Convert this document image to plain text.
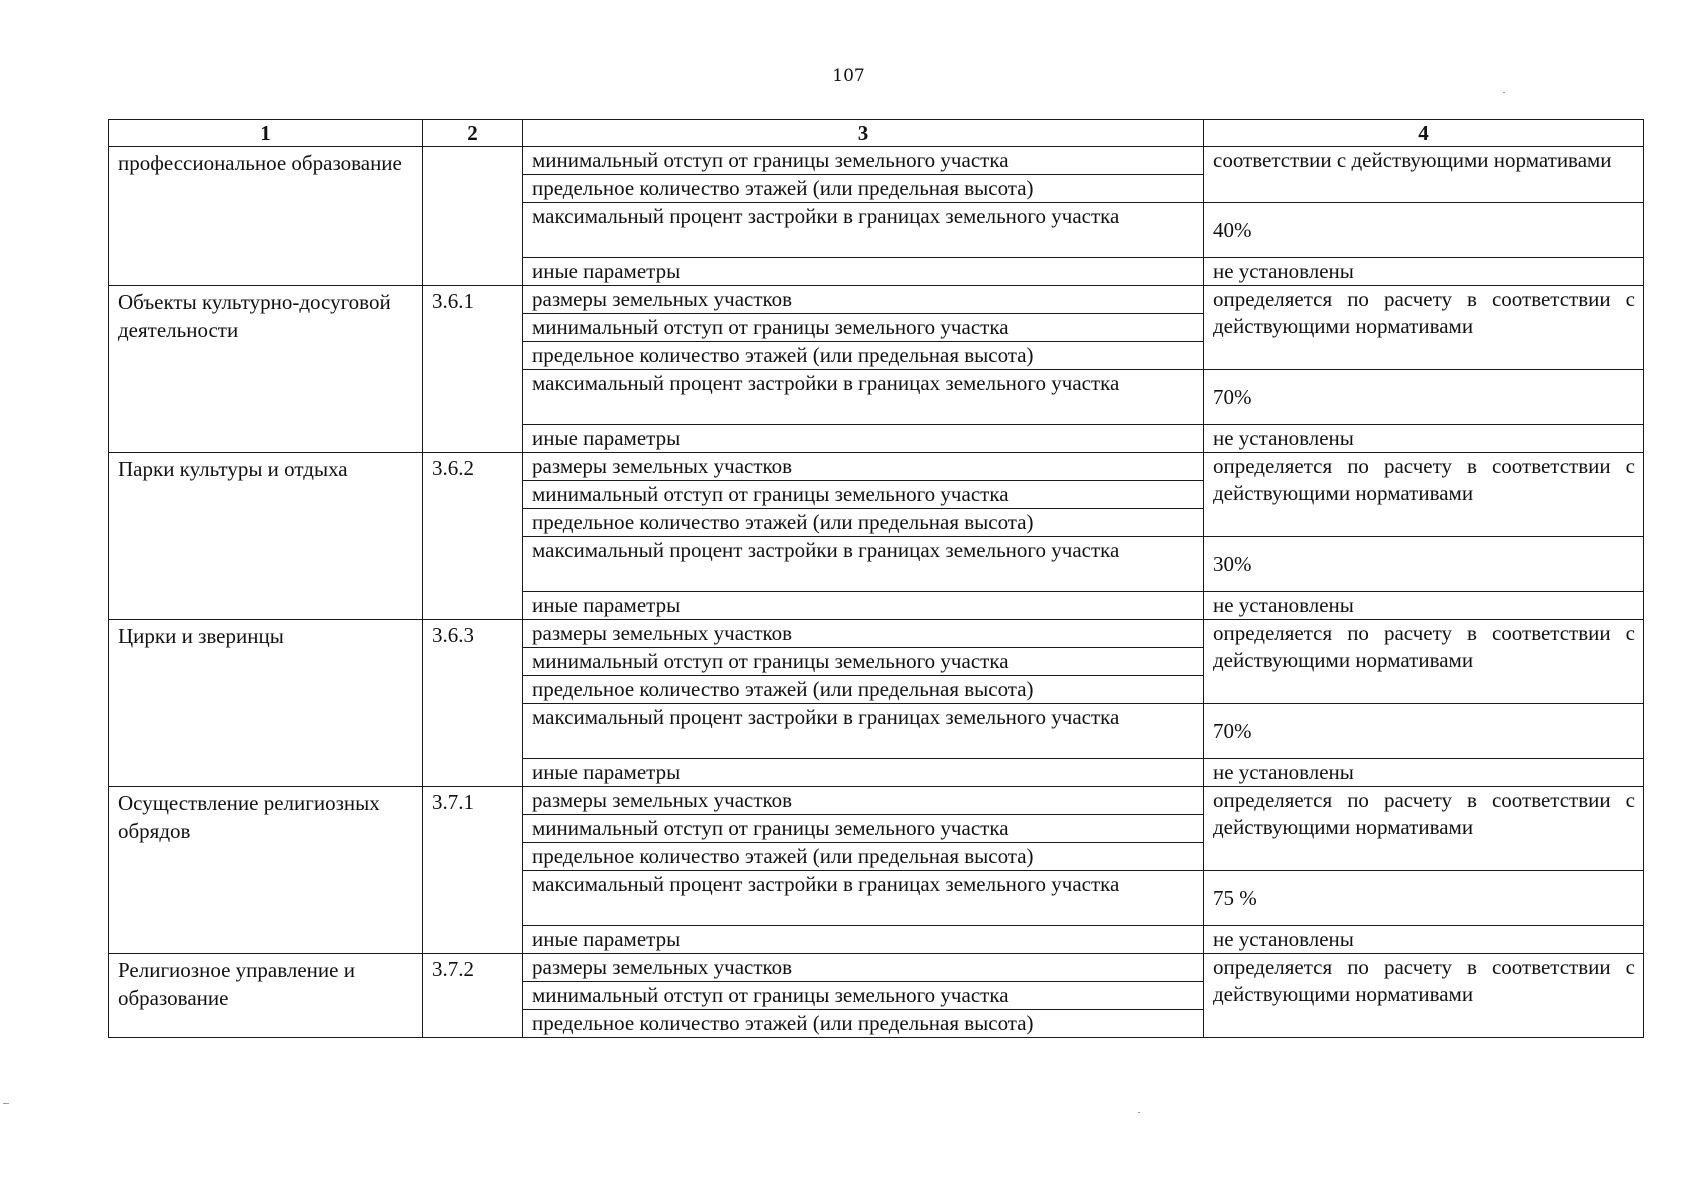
107
1	2	3	4
профессиональное образование		минимальный отступ от границы земельного участка	соответствии с действующими нормативами

		предельное количество этажей (или предельная высота)	

		максимальный процент застройки в границах земельного участка	40%
		иные параметры	не установлены
Объекты культурно-досуговой деятельности	3.6.1	размеры земельных участков	определяется по расчету в соответствии с действующими нормативами

		минимальный отступ от границы земельного участка	
		предельное количество этажей (или предельная высота)	

		максимальный процент застройки в границах земельного участка	70%
		иные параметры	не установлены
Парки культуры и отдыха	3.6.2	размеры земельных участков	определяется по расчету в соответствии с действующими нормативами

		минимальный отступ от границы земельного участка	
		предельное количество этажей (или предельная высота)	

		максимальный процент застройки в границах земельного участка	30%
		иные параметры	не установлены
Цирки и зверинцы	3.6.3	размеры земельных участков	определяется по расчету в соответствии с действующими нормативами

		минимальный отступ от границы земельного участка	
		предельное количество этажей (или предельная высота)	

		максимальный процент застройки в границах земельного участка	70%
		иные параметры	не установлены
Осуществление религиозных обрядов	3.7.1	размеры земельных участков	определяется по расчету в соответствии с действующими нормативами

		минимальный отступ от границы земельного участка	
		предельное количество этажей (или предельная высота)	

		максимальный процент застройки в границах земельного участка	75 %
		иные параметры	не установлены
Религиозное управление и образование	3.7.2	размеры земельных участков	определяется по расчету в соответствии с действующими нормативами

		минимальный отступ от границы земельного участка	
		предельное количество этажей (или предельная высота)	
